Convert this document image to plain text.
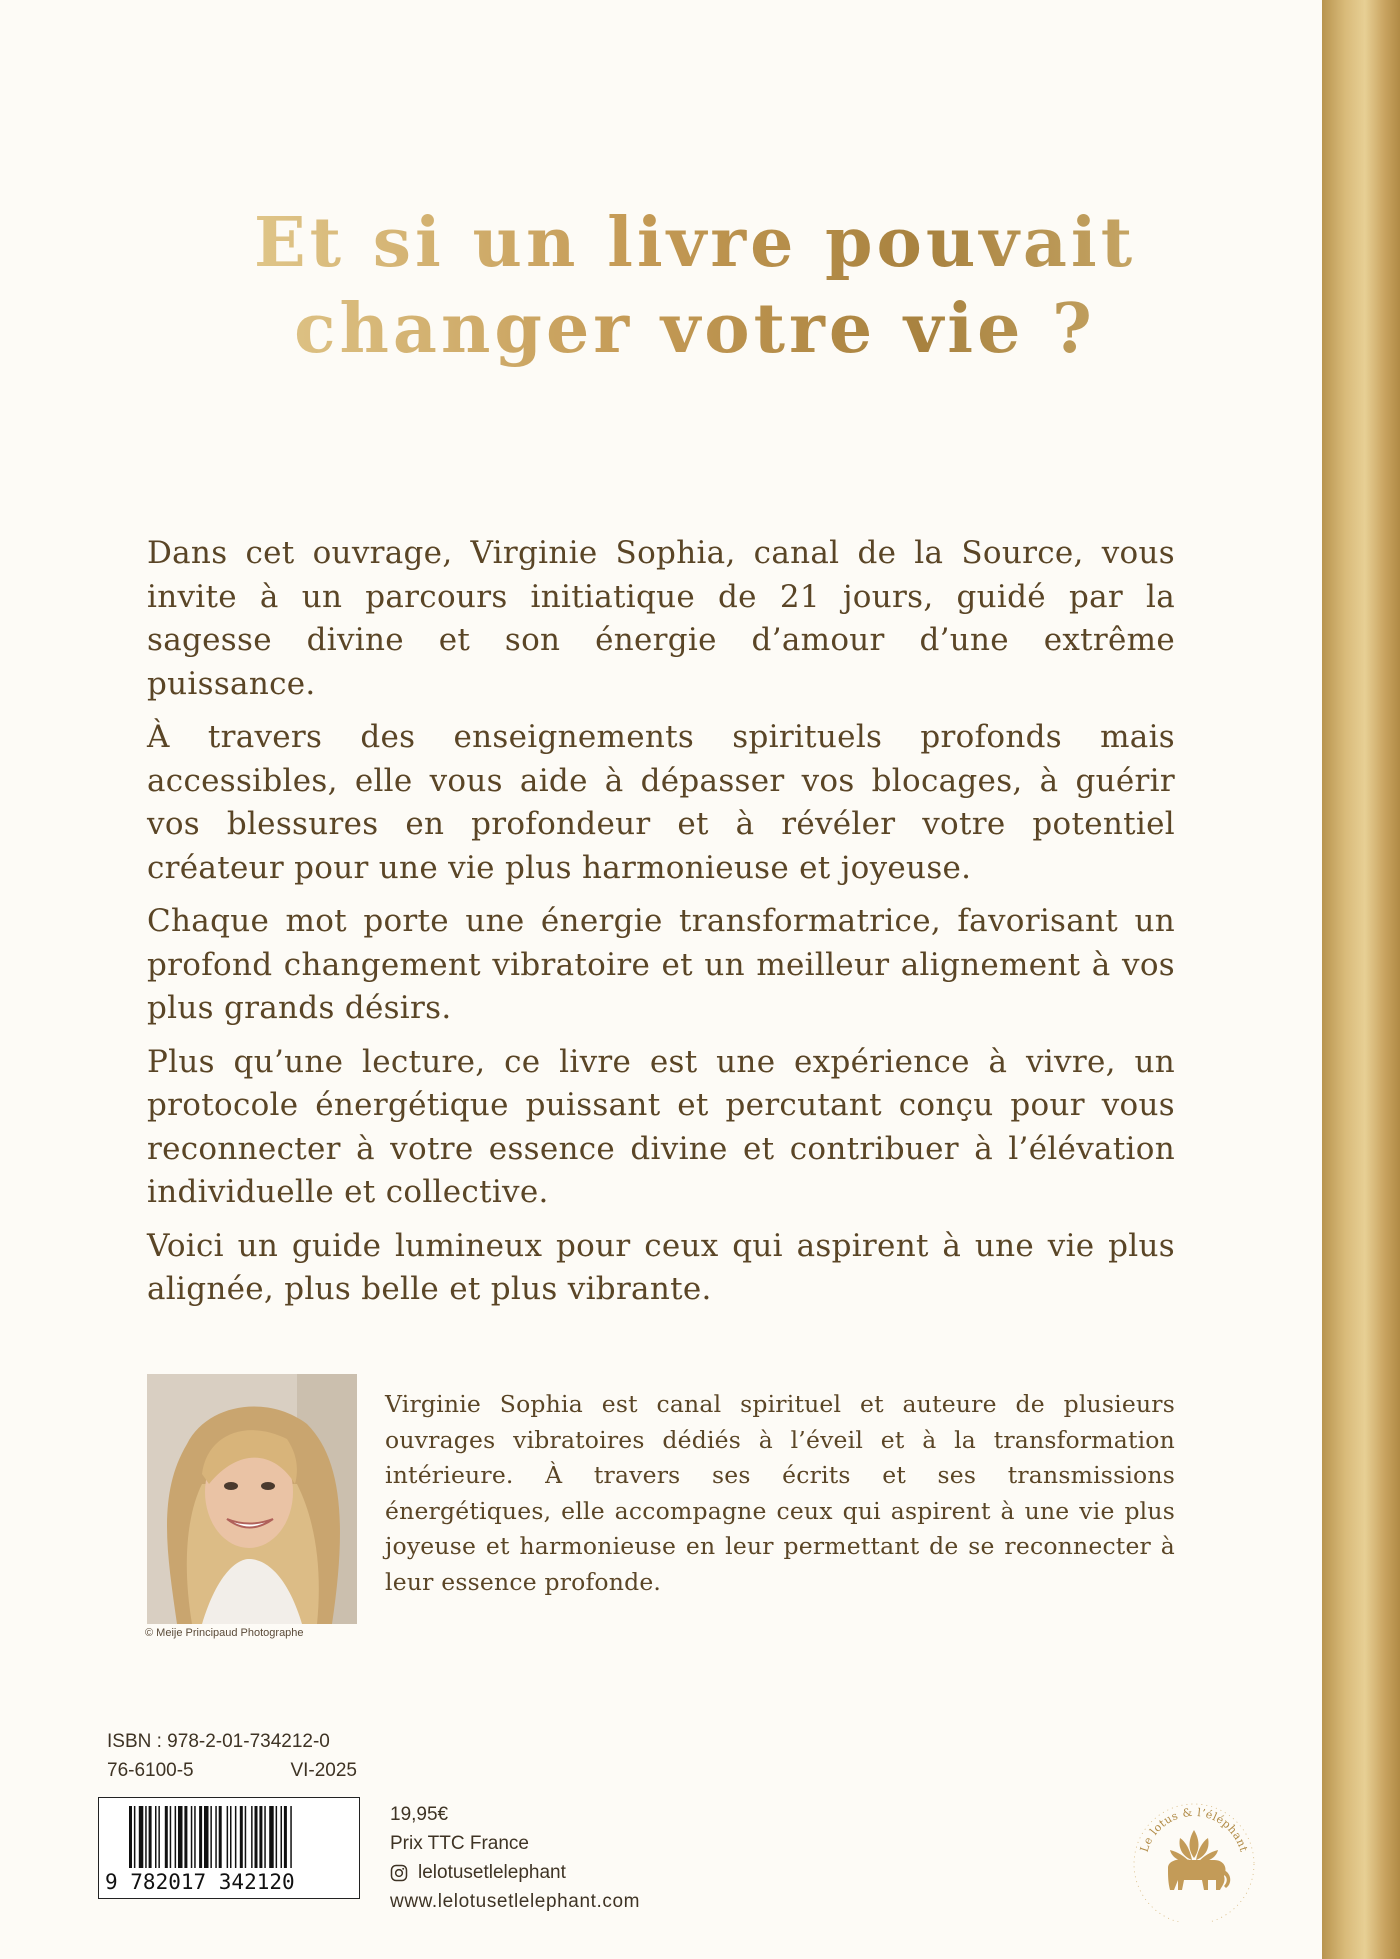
Et si un livre pouvait
changer votre vie ?

Dans cet ouvrage, Virginie Sophia, canal de la Source, vous invite à un parcours initiatique de 21 jours, guidé par la sagesse divine et son énergie d’amour d’une extrême puissance.

À travers des enseignements spirituels profonds mais accessibles, elle vous aide à dépasser vos blocages, à guérir vos blessures en profondeur et à révéler votre potentiel créateur pour une vie plus harmonieuse et joyeuse.

Chaque mot porte une énergie transformatrice, favorisant un profond changement vibratoire et un meilleur alignement à vos plus grands désirs.

Plus qu’une lecture, ce livre est une expérience à vivre, un protocole énergétique puissant et percutant conçu pour vous reconnecter à votre essence divine et contribuer à l’élévation individuelle et collective.

Voici un guide lumineux pour ceux qui aspirent à une vie plus alignée, plus belle et plus vibrante.

© Meije Principaud Photographe
Virginie Sophia est canal spirituel et auteure de plusieurs ouvrages vibratoires dédiés à l’éveil et à la transformation intérieure. À travers ses écrits et ses transmissions énergétiques, elle accompagne ceux qui aspirent à une vie plus joyeuse et harmonieuse en leur permettant de se reconnecter à leur essence profonde.
ISBN : 978-2-01-734212-0
76-6100-5	VI-2025
9 782017 342120
19,95€
Prix TTC France
lelotusetlelephant
www.lelotusetlelephant.com
Le lotus & l’éléphant
